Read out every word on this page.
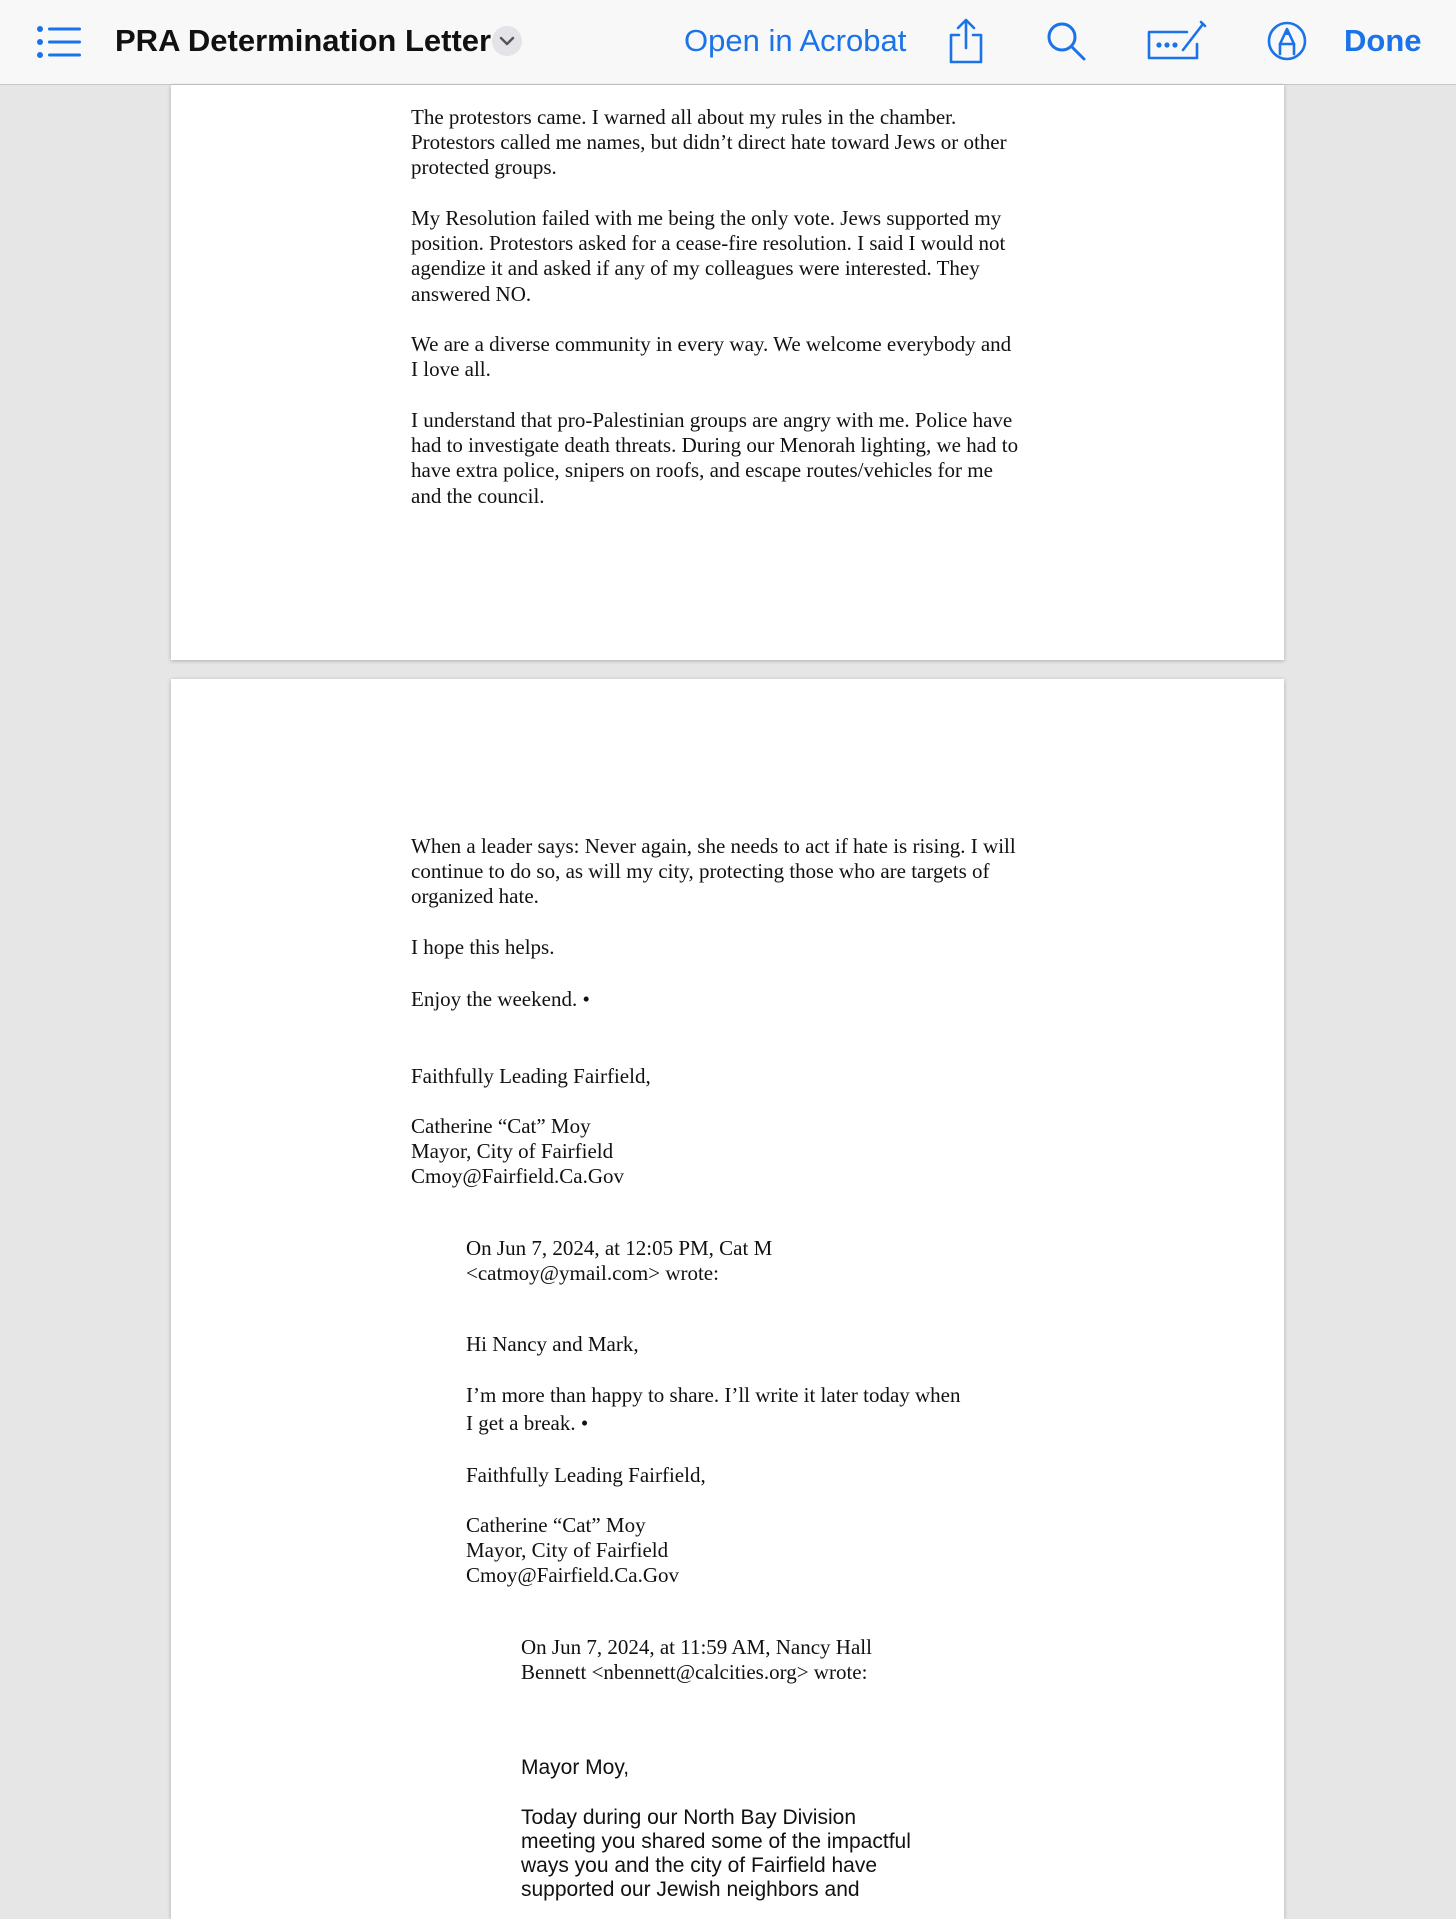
PRA Determination Letter	Open in Acrobat	Done

The protestors came. I warned all about my rules in the chamber.
Protestors called me names, but didn’t direct hate toward Jews or other
protected groups.

My Resolution failed with me being the only vote. Jews supported my
position. Protestors asked for a cease-fire resolution. I said I would not
agendize it and asked if any of my colleagues were interested. They
answered NO.

We are a diverse community in every way. We welcome everybody and
I love all.

I understand that pro-Palestinian groups are angry with me. Police have
had to investigate death threats. During our Menorah lighting, we had to
have extra police, snipers on roofs, and escape routes/vehicles for me
and the council.

When a leader says: Never again, she needs to act if hate is rising. I will
continue to do so, as will my city, protecting those who are targets of
organized hate.

I hope this helps.

Enjoy the weekend. •

Faithfully Leading Fairfield,

Catherine “Cat” Moy
Mayor, City of Fairfield
Cmoy@Fairfield.Ca.Gov

On Jun 7, 2024, at 12:05 PM, Cat M
<catmoy@ymail.com> wrote:

Hi Nancy and Mark,

I’m more than happy to share. I’ll write it later today when
I get a break. •

Faithfully Leading Fairfield,

Catherine “Cat” Moy
Mayor, City of Fairfield
Cmoy@Fairfield.Ca.Gov

On Jun 7, 2024, at 11:59 AM, Nancy Hall
Bennett <nbennett@calcities.org> wrote:

Mayor Moy,

Today during our North Bay Division
meeting you shared some of the impactful
ways you and the city of Fairfield have
supported our Jewish neighbors and
